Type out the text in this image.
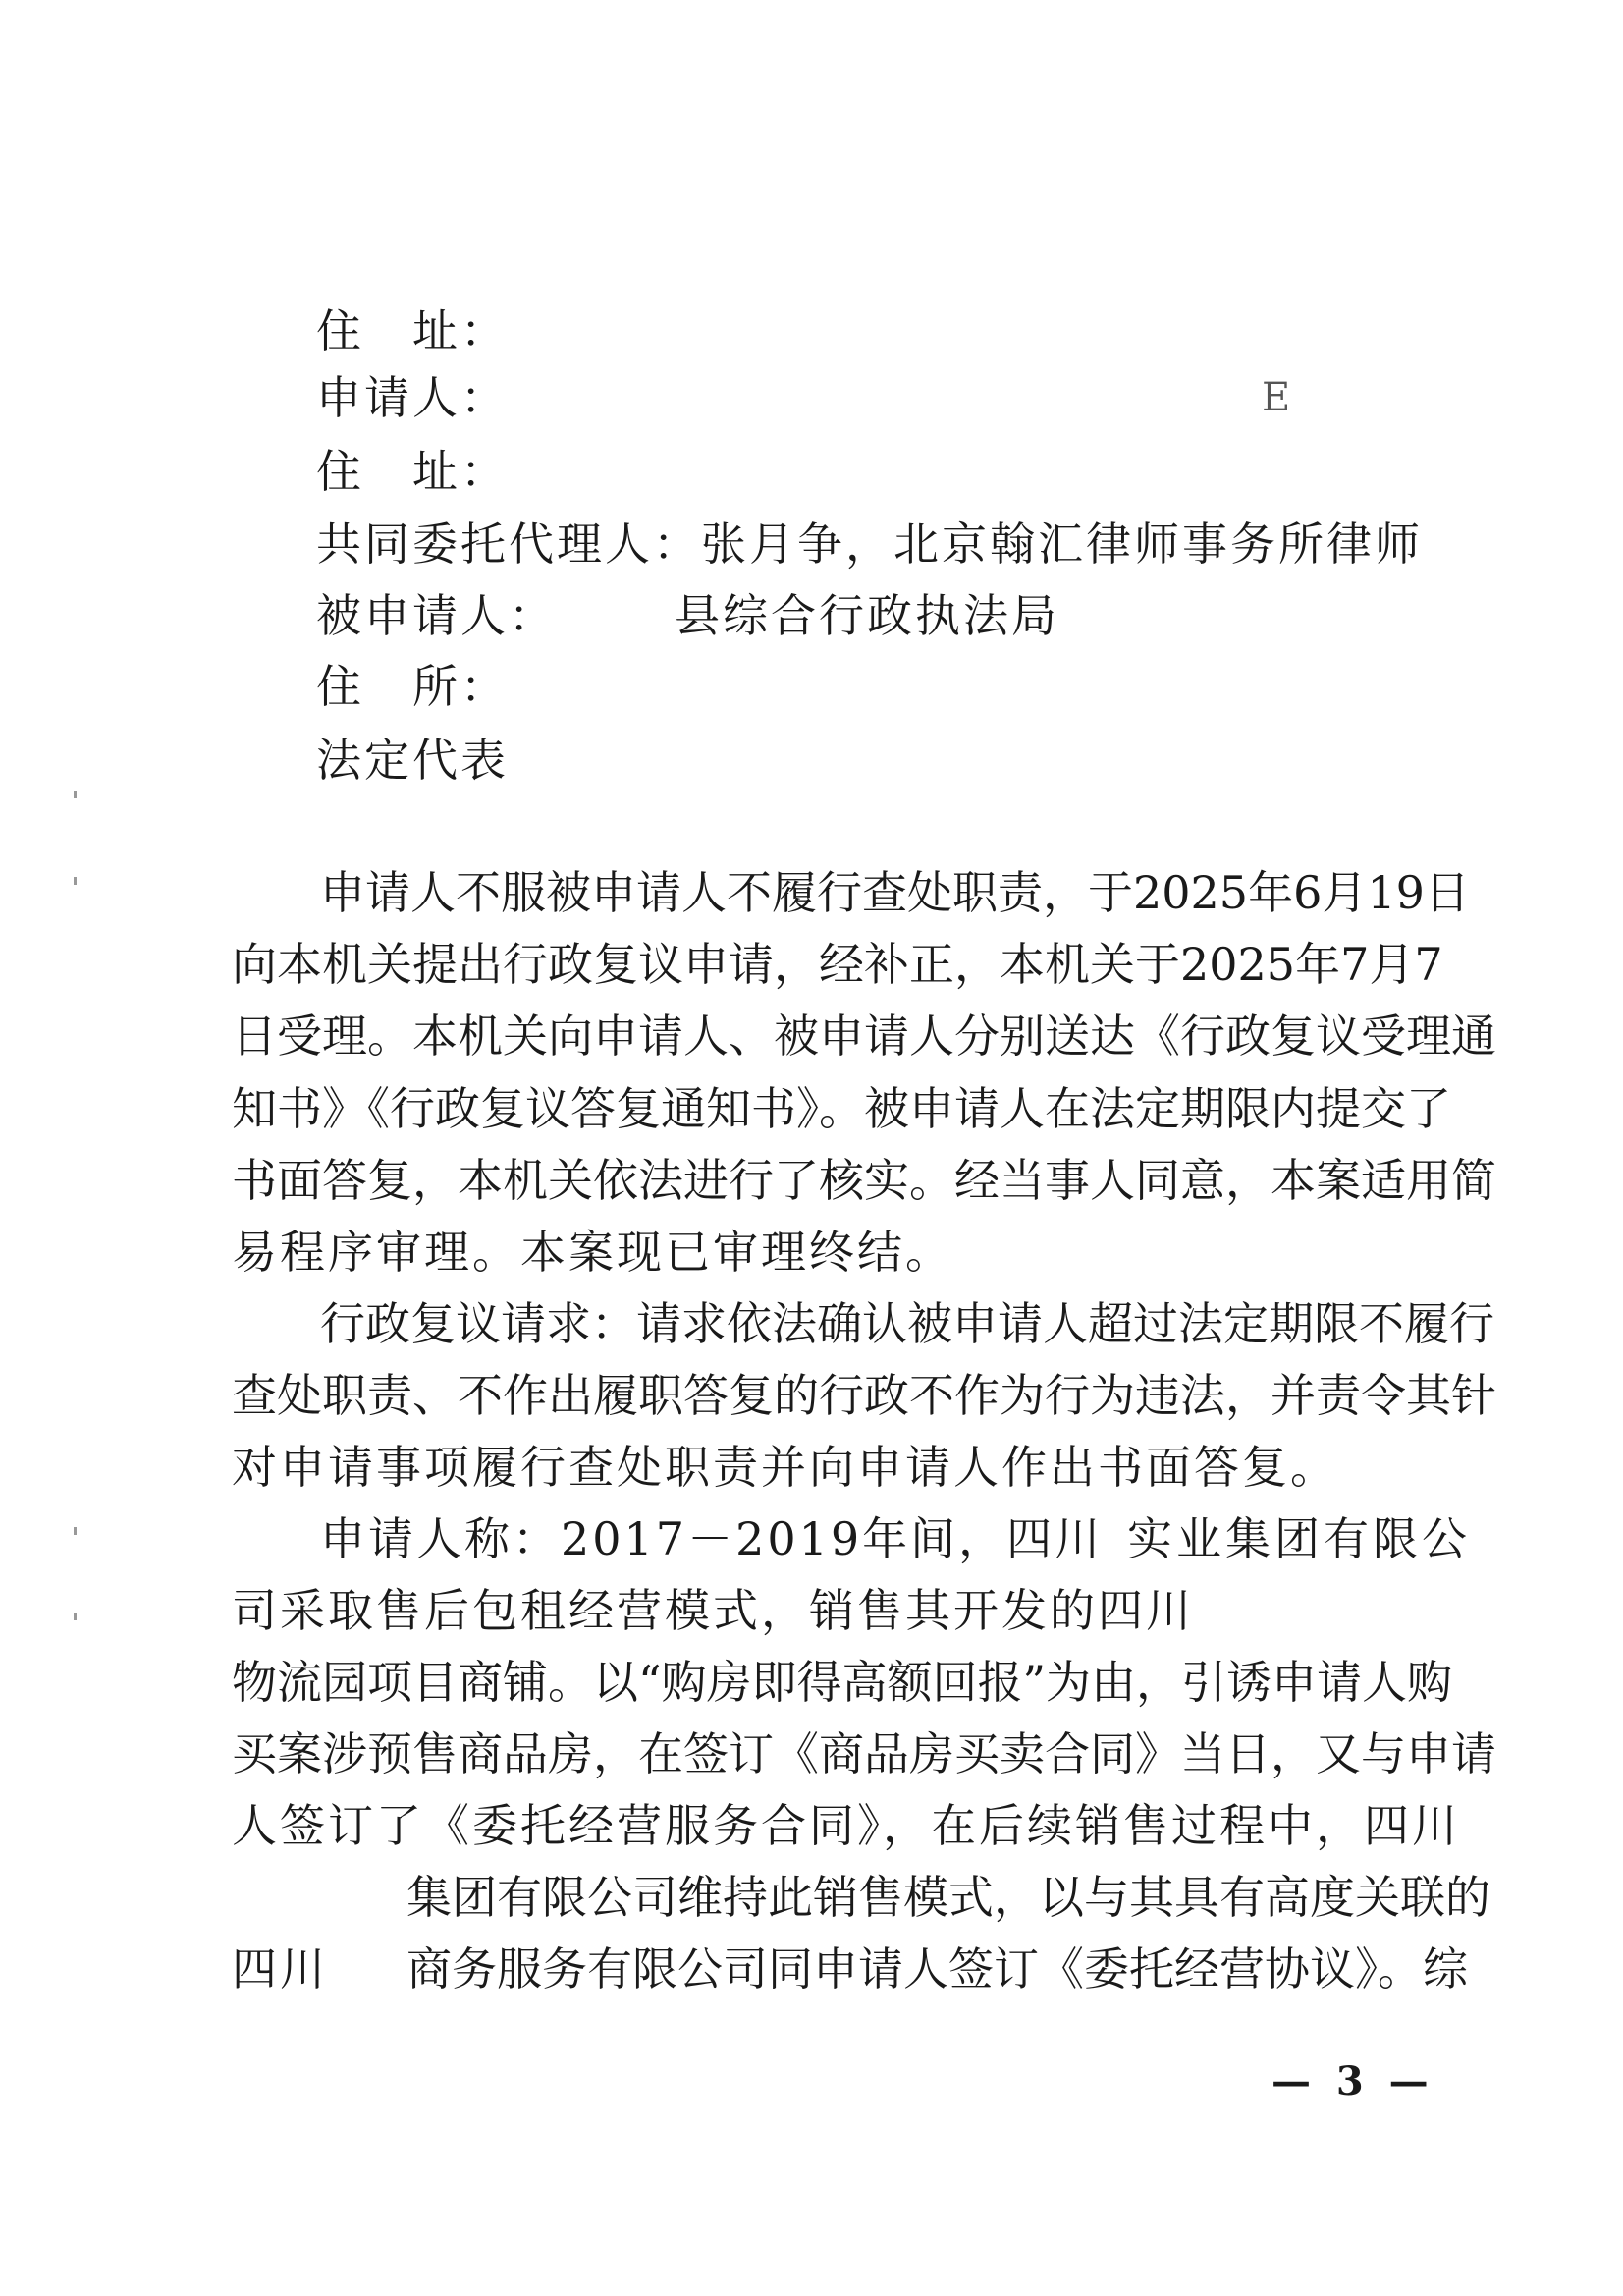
住　址：
申请人：	E
住　址：
共同委托代理人：张月争，北京翰汇律师事务所律师
被申请人：	县综合行政执法局
住　所：
法定代表
申请人不服被申请人不履行查处职责，于2025年6月19日
向本机关提出行政复议申请，经补正，本机关于2025年7月7
日受理。本机关向申请人、被申请人分别送达《行政复议受理通
知书》《行政复议答复通知书》。被申请人在法定期限内提交了
书面答复，本机关依法进行了核实。经当事人同意，本案适用简
易程序审理。本案现已审理终结。
行政复议请求：请求依法确认被申请人超过法定期限不履行
查处职责、不作出履职答复的行政不作为行为违法，并责令其针
对申请事项履行查处职责并向申请人作出书面答复。
申请人称：2017－2019年间，四川 实业集团有限公
司采取售后包租经营模式，销售其开发的四川
物流园项目商铺。以“购房即得高额回报”为由，引诱申请人购
买案涉预售商品房，在签订《商品房买卖合同》当日，又与申请
人签订了《委托经营服务合同》，在后续销售过程中，四川
集团有限公司维持此销售模式，以与其具有高度关联的
四川	商务服务有限公司同申请人签订《委托经营协议》。综
— 3 —
